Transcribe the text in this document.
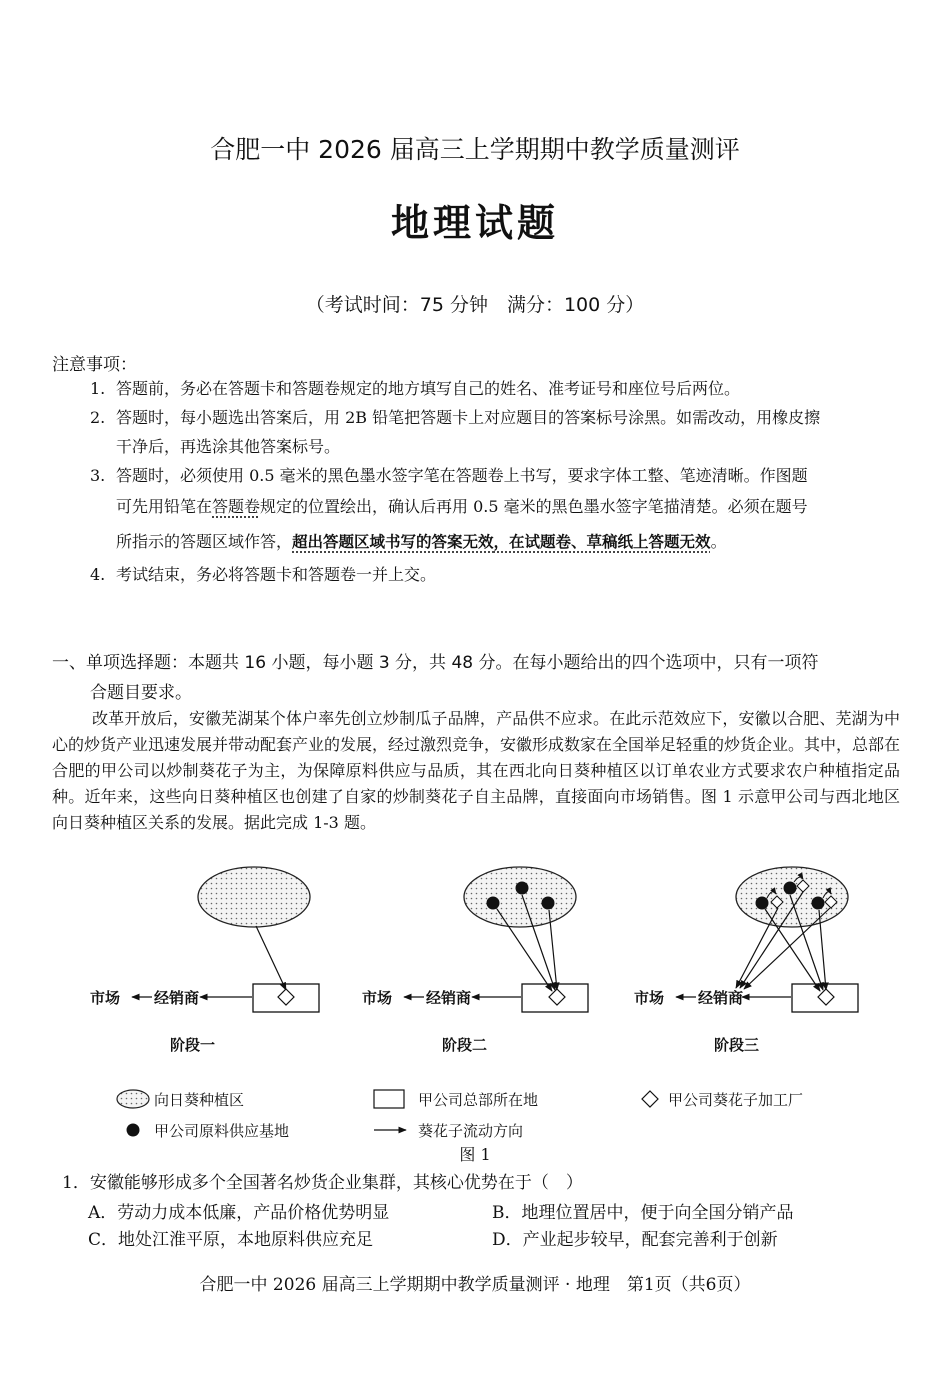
合肥一中 2026 届高三上学期期中教学质量测评
地理试题
（考试时间：75 分钟　满分：100 分）
注意事项：
1. 答题前，务必在答题卡和答题卷规定的地方填写自己的姓名、准考证号和座位号后两位。
2. 答题时，每小题选出答案后，用 2B 铅笔把答题卡上对应题目的答案标号涂黑。如需改动，用橡皮擦
干净后，再选涂其他答案标号。
3. 答题时，必须使用 0.5 毫米的黑色墨水签字笔在答题卷上书写，要求字体工整、笔迹清晰。作图题
可先用铅笔在答题卷规定的位置绘出，确认后再用 0.5 毫米的黑色墨水签字笔描清楚。必须在题号
所指示的答题区域作答，超出答题区域书写的答案无效，在试题卷、草稿纸上答题无效。
4. 考试结束，务必将答题卡和答题卷一并上交。
一、单项选择题：本题共 16 小题，每小题 3 分，共 48 分。在每小题给出的四个选项中，只有一项符
合题目要求。
改革开放后，安徽芜湖某个体户率先创立炒制瓜子品牌，产品供不应求。在此示范效应下，安徽以合肥、芜湖为中心的炒货产业迅速发展并带动配套产业的发展，经过激烈竞争，安徽形成数家在全国举足轻重的炒货企业。其中，总部在合肥的甲公司以炒制葵花子为主，为保障原料供应与品质，其在西北向日葵种植区以订单农业方式要求农户种植指定品种。近年来，这些向日葵种植区也创建了自家的炒制葵花子自主品牌，直接面向市场销售。图 1 示意甲公司与西北地区向日葵种植区关系的发展。据此完成 1-3 题。
市场 经销商
阶段一
市场 经销商
阶段二
市场 经销商
阶段三
向日葵种植区	甲公司总部所在地	甲公司葵花子加工厂
甲公司原料供应基地	葵花子流动方向
图 1
1．安徽能够形成多个全国著名炒货企业集群，其核心优势在于（　）
A．劳动力成本低廉，产品价格优势明显	B．地理位置居中，便于向全国分销产品
C．地处江淮平原，本地原料供应充足	D．产业起步较早，配套完善利于创新
合肥一中 2026 届高三上学期期中教学质量测评 · 地理　第1页（共6页）
